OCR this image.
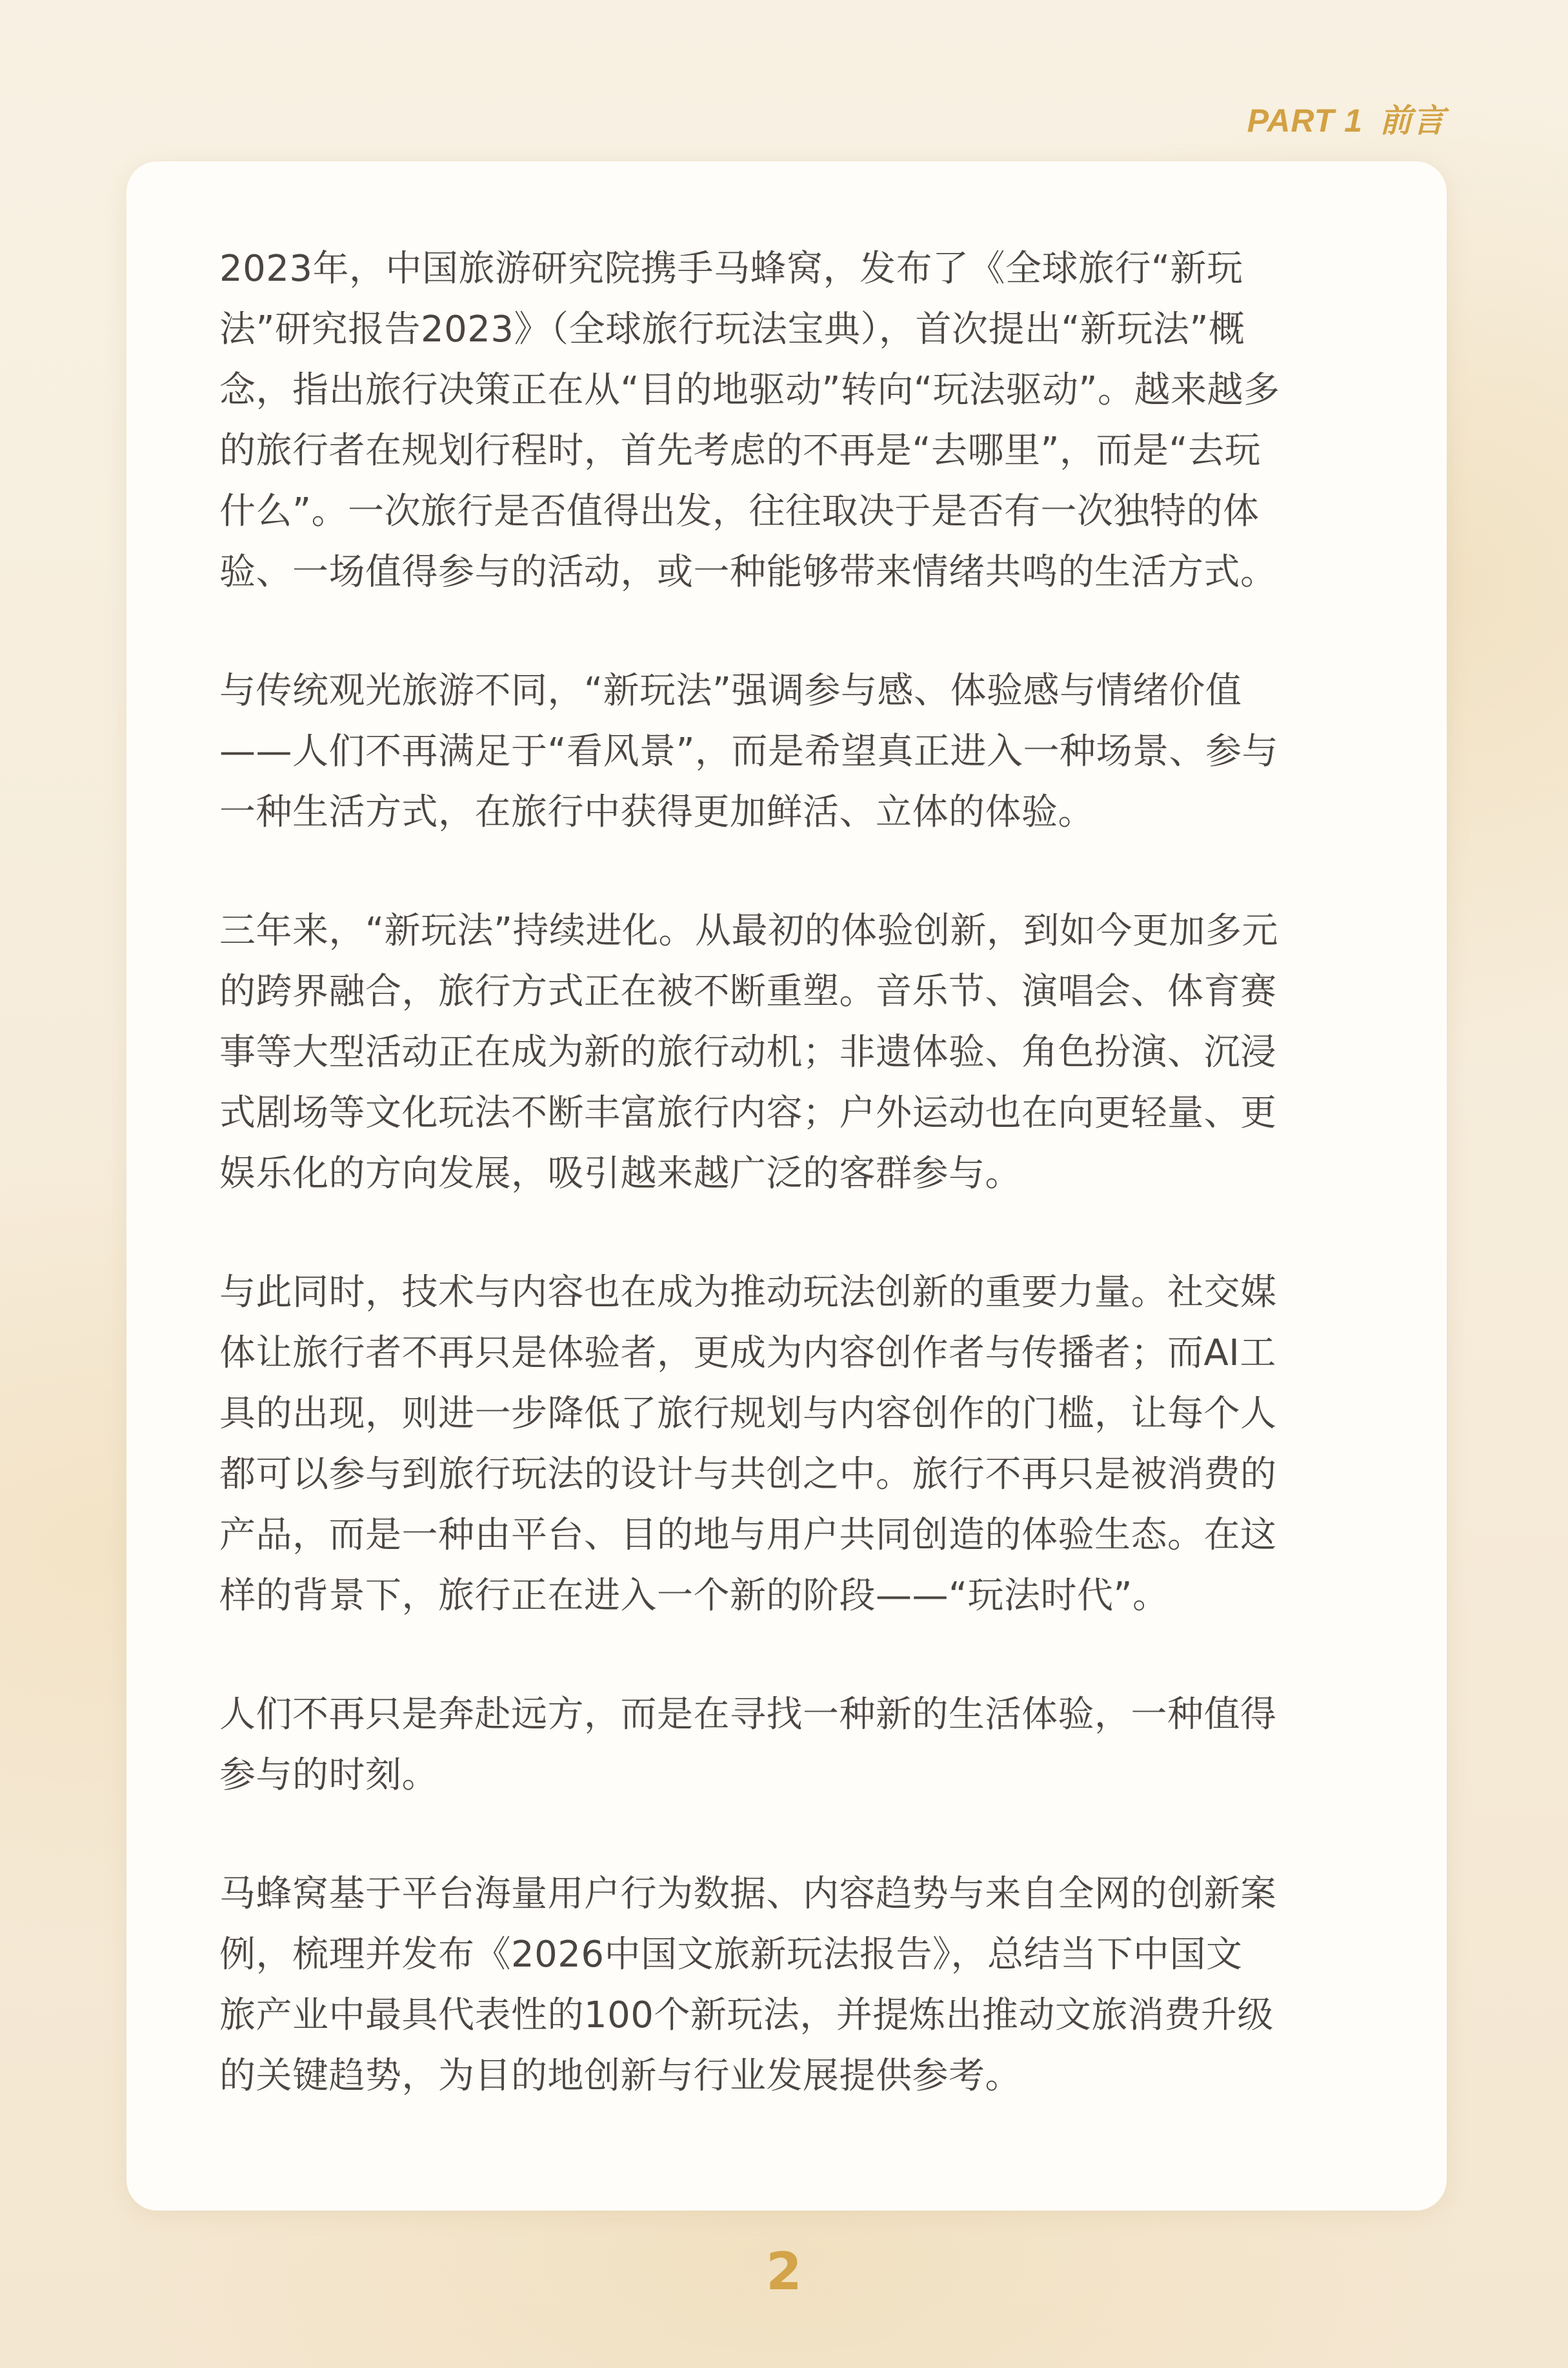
PART 1 前言

2023年，中国旅游研究院携手马蜂窝，发布了《全球旅行“新玩
法”研究报告2023》（全球旅行玩法宝典），首次提出“新玩法”概
念，指出旅行决策正在从“目的地驱动”转向“玩法驱动”。越来越多
的旅行者在规划行程时，首先考虑的不再是“去哪里”，而是“去玩
什么”。一次旅行是否值得出发，往往取决于是否有一次独特的体
验、一场值得参与的活动，或一种能够带来情绪共鸣的生活方式。

与传统观光旅游不同，“新玩法”强调参与感、体验感与情绪价值
——人们不再满足于“看风景”，而是希望真正进入一种场景、参与
一种生活方式，在旅行中获得更加鲜活、立体的体验。

三年来，“新玩法”持续进化。从最初的体验创新，到如今更加多元
的跨界融合，旅行方式正在被不断重塑。音乐节、演唱会、体育赛
事等大型活动正在成为新的旅行动机；非遗体验、角色扮演、沉浸
式剧场等文化玩法不断丰富旅行内容；户外运动也在向更轻量、更
娱乐化的方向发展，吸引越来越广泛的客群参与。

与此同时，技术与内容也在成为推动玩法创新的重要力量。社交媒
体让旅行者不再只是体验者，更成为内容创作者与传播者；而AI工
具的出现，则进一步降低了旅行规划与内容创作的门槛，让每个人
都可以参与到旅行玩法的设计与共创之中。旅行不再只是被消费的
产品，而是一种由平台、目的地与用户共同创造的体验生态。在这
样的背景下，旅行正在进入一个新的阶段——“玩法时代”。

人们不再只是奔赴远方，而是在寻找一种新的生活体验，一种值得
参与的时刻。

马蜂窝基于平台海量用户行为数据、内容趋势与来自全网的创新案
例，梳理并发布《2026中国文旅新玩法报告》，总结当下中国文
旅产业中最具代表性的100个新玩法，并提炼出推动文旅消费升级
的关键趋势，为目的地创新与行业发展提供参考。

2
